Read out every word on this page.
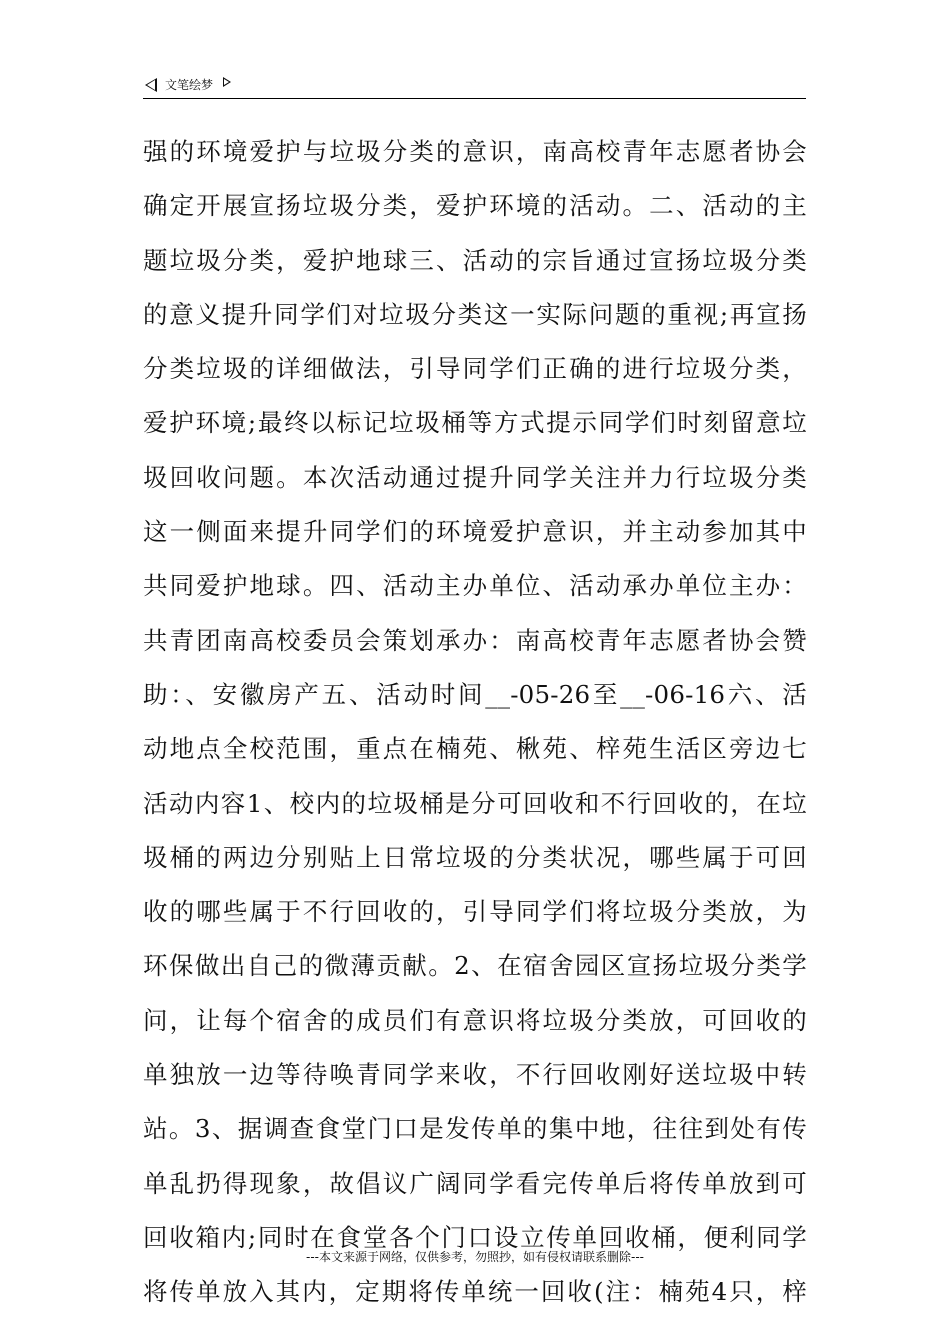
文笔绘梦
强的环境爱护与垃圾分类的意识，南高校青年志愿者协会
确定开展宣扬垃圾分类，爱护环境的活动。二、活动的主
题垃圾分类，爱护地球三、活动的宗旨通过宣扬垃圾分类
的意义提升同学们对垃圾分类这一实际问题的重视;再宣扬
分类垃圾的详细做法，引导同学们正确的进行垃圾分类，
爱护环境;最终以标记垃圾桶等方式提示同学们时刻留意垃
圾回收问题。本次活动通过提升同学关注并力行垃圾分类
这一侧面来提升同学们的环境爱护意识，并主动参加其中
共同爱护地球。四、活动主办单位、活动承办单位主办：
共青团南高校委员会策划承办：南高校青年志愿者协会赞
助：、安徽房产五、活动时间__-05-26至__-06-16六、活
动地点全校范围，重点在楠苑、楸苑、梓苑生活区旁边七
活动内容1、校内的垃圾桶是分可回收和不行回收的，在垃
圾桶的两边分别贴上日常垃圾的分类状况，哪些属于可回
收的哪些属于不行回收的，引导同学们将垃圾分类放，为
环保做出自己的微薄贡献。2、在宿舍园区宣扬垃圾分类学
问，让每个宿舍的成员们有意识将垃圾分类放，可回收的
单独放一边等待唤青同学来收，不行回收刚好送垃圾中转
站。3、据调查食堂门口是发传单的集中地，往往到处有传
单乱扔得现象，故倡议广阔同学看完传单后将传单放到可
回收箱内;同时在食堂各个门口设立传单回收桶，便利同学
将传单放入其内，定期将传单统一回收(注：楠苑4只，梓
---本文来源于网络，仅供参考，勿照抄，如有侵权请联系删除---
